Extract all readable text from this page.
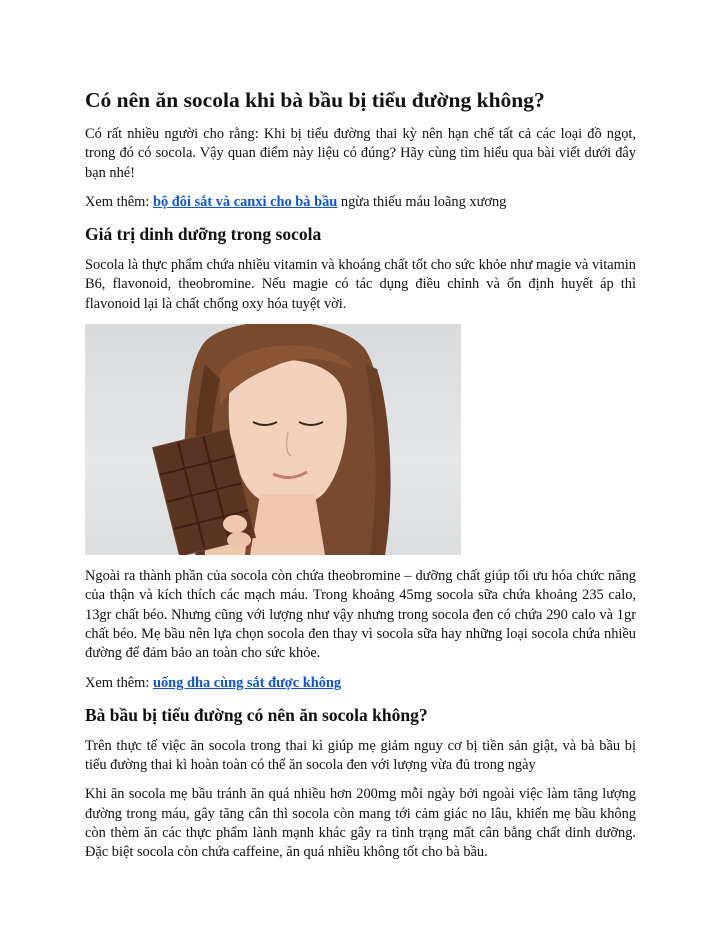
Có nên ăn socola khi bà bầu bị tiểu đường không?

Có rất nhiều người cho rằng: Khi bị tiểu đường thai kỳ nên hạn chế tất cả các loại đồ ngọt, trong đó có socola. Vậy quan điểm này liệu có đúng? Hãy cùng tìm hiểu qua bài viết dưới đây bạn nhé!

Xem thêm: bộ đôi sắt và canxi cho bà bầu ngừa thiếu máu loãng xương

Giá trị dinh dưỡng trong socola

Socola là thực phẩm chứa nhiều vitamin và khoáng chất tốt cho sức khỏe như magie và vitamin B6, flavonoid, theobromine. Nếu magie có tác dụng điều chỉnh và ổn định huyết áp thì flavonoid lại là chất chống oxy hóa tuyệt vời.

Ngoài ra thành phần của socola còn chứa theobromine – dưỡng chất giúp tối ưu hóa chức năng của thận và kích thích các mạch máu. Trong khoảng 45mg socola sữa chứa khoảng 235 calo, 13gr chất béo. Nhưng cũng với lượng như vậy nhưng trong socola đen có chứa 290 calo và 1gr chất béo. Mẹ bầu nên lựa chọn socola đen thay vì socola sữa hay những loại socola chứa nhiều đường để đảm bảo an toàn cho sức khỏe.

Xem thêm: uống dha cùng sắt được không

Bà bầu bị tiểu đường có nên ăn socola không?

Trên thực tế việc ăn socola trong thai kì giúp mẹ giảm nguy cơ bị tiền sản giật, và bà bầu bị tiểu đường thai kì hoàn toàn có thể ăn socola đen với lượng vừa đủ trong ngày

Khi ăn socola mẹ bầu tránh ăn quá nhiều hơn 200mg mỗi ngày bởi ngoài việc làm tăng lượng đường trong máu, gây tăng cân thì socola còn mang tới cảm giác no lâu, khiến mẹ bầu không còn thèm ăn các thực phẩm lành mạnh khác gây ra tình trạng mất cân bằng chất dinh dưỡng. Đặc biệt socola còn chứa caffeine, ăn quá nhiều không tốt cho bà bầu.
